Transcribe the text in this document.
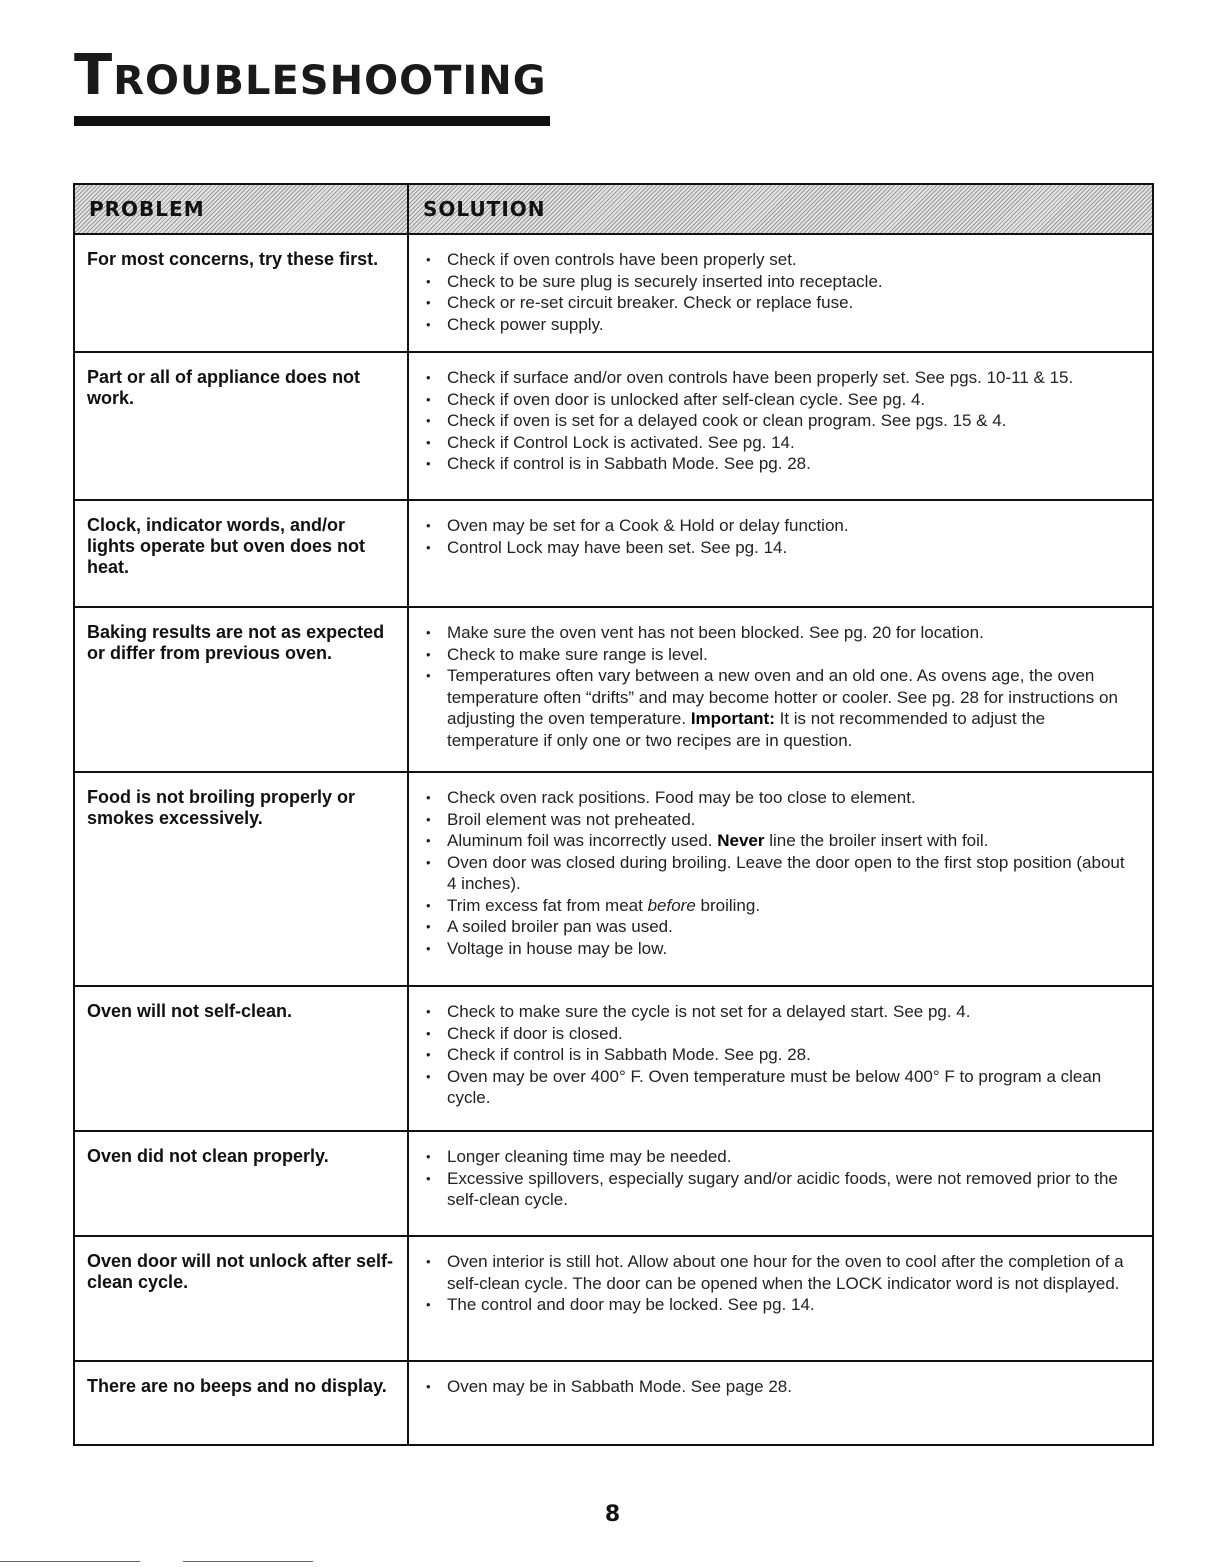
TROUBLESHOOTING
PROBLEM	SOLUTION
For most concerns, try these first.	• Check if oven controls have been properly set.
• Check to be sure plug is securely inserted into receptacle.
• Check or re-set circuit breaker. Check or replace fuse.
• Check power supply.
Part or all of appliance does not work.
• Check if surface and/or oven controls have been properly set. See pgs. 10-11 & 15.
• Check if oven door is unlocked after self-clean cycle. See pg. 4.
• Check if oven is set for a delayed cook or clean program. See pgs. 15 & 4.
• Check if Control Lock is activated. See pg. 14.
• Check if control is in Sabbath Mode. See pg. 28.
Clock, indicator words, and/or lights operate but oven does not heat.
• Oven may be set for a Cook & Hold or delay function.
• Control Lock may have been set. See pg. 14.
Baking results are not as expected or differ from previous oven.
• Make sure the oven vent has not been blocked. See pg. 20 for location.
• Check to make sure range is level.
• Temperatures often vary between a new oven and an old one. As ovens age, the oven temperature often “drifts” and may become hotter or cooler. See pg. 28 for instructions on adjusting the oven temperature. Important: It is not recommended to adjust the temperature if only one or two recipes are in question.
Food is not broiling properly or smokes excessively.
• Check oven rack positions. Food may be too close to element.
• Broil element was not preheated.
• Aluminum foil was incorrectly used. Never line the broiler insert with foil.
• Oven door was closed during broiling. Leave the door open to the first stop position (about 4 inches).
• Trim excess fat from meat before broiling.
• A soiled broiler pan was used.
• Voltage in house may be low.
Oven will not self-clean.	• Check to make sure the cycle is not set for a delayed start. See pg. 4.
• Check if door is closed.
• Check if control is in Sabbath Mode. See pg. 28.
• Oven may be over 400° F. Oven temperature must be below 400° F to program a clean cycle.
Oven did not clean properly.	• Longer cleaning time may be needed.
• Excessive spillovers, especially sugary and/or acidic foods, were not removed prior to the self-clean cycle.
Oven door will not unlock after self-clean cycle.
• Oven interior is still hot. Allow about one hour for the oven to cool after the completion of a self-clean cycle. The door can be opened when the LOCK indicator word is not displayed.
• The control and door may be locked. See pg. 14.
There are no beeps and no display.	• Oven may be in Sabbath Mode. See page 28.
8
